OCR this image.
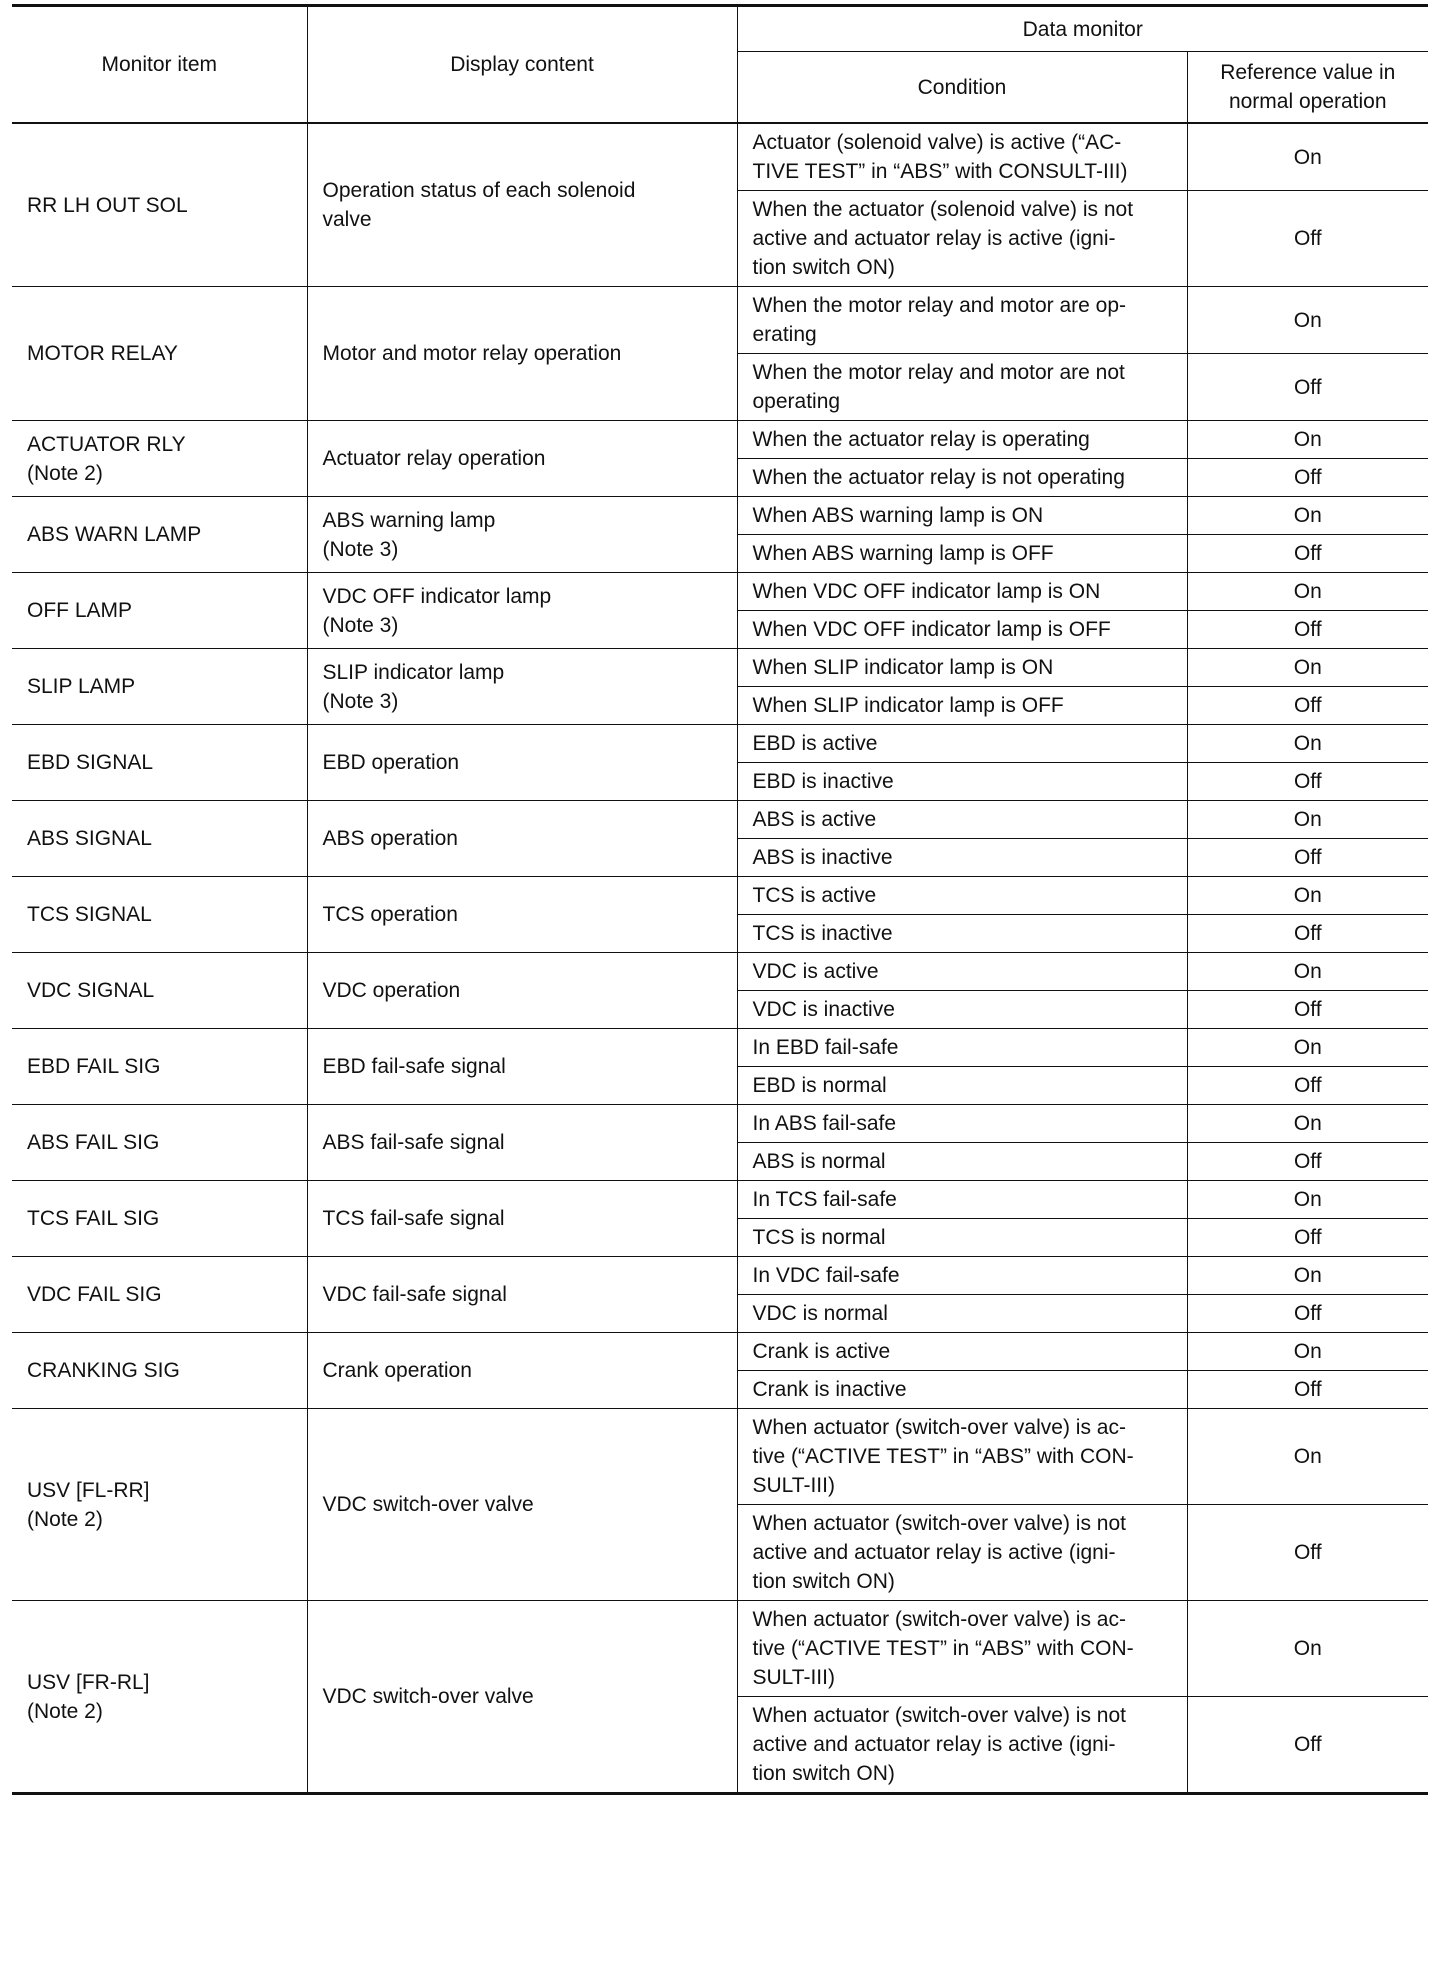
Monitor item	Display content	Data monitor	
		Condition	Reference value in
normal operation
RR LH OUT SOL	Operation status of each solenoid
valve	Actuator (solenoid valve) is active (“AC-
TIVE TEST” in “ABS” with CONSULT-III)	On
		When the actuator (solenoid valve) is not
active and actuator relay is active (igni-
tion switch ON)	Off
MOTOR RELAY	Motor and motor relay operation	When the motor relay and motor are op-
erating	On
		When the motor relay and motor are not
operating	Off
ACTUATOR RLY
(Note 2)	Actuator relay operation	When the actuator relay is operating	On
		When the actuator relay is not operating	Off
ABS WARN LAMP	ABS warning lamp
(Note 3)	When ABS warning lamp is ON	On
		When ABS warning lamp is OFF	Off
OFF LAMP	VDC OFF indicator lamp
(Note 3)	When VDC OFF indicator lamp is ON	On
		When VDC OFF indicator lamp is OFF	Off
SLIP LAMP	SLIP indicator lamp
(Note 3)	When SLIP indicator lamp is ON	On
		When SLIP indicator lamp is OFF	Off
EBD SIGNAL	EBD operation	EBD is active	On
		EBD is inactive	Off
ABS SIGNAL	ABS operation	ABS is active	On
		ABS is inactive	Off
TCS SIGNAL	TCS operation	TCS is active	On
		TCS is inactive	Off
VDC SIGNAL	VDC operation	VDC is active	On
		VDC is inactive	Off
EBD FAIL SIG	EBD fail-safe signal	In EBD fail-safe	On
		EBD is normal	Off
ABS FAIL SIG	ABS fail-safe signal	In ABS fail-safe	On
		ABS is normal	Off
TCS FAIL SIG	TCS fail-safe signal	In TCS fail-safe	On
		TCS is normal	Off
VDC FAIL SIG	VDC fail-safe signal	In VDC fail-safe	On
		VDC is normal	Off
CRANKING SIG	Crank operation	Crank is active	On
		Crank is inactive	Off
USV [FL-RR]
(Note 2)	VDC switch-over valve	When actuator (switch-over valve) is ac-
tive (“ACTIVE TEST” in “ABS” with CON-
SULT-III)	On
		When actuator (switch-over valve) is not
active and actuator relay is active (igni-
tion switch ON)	Off
USV [FR-RL]
(Note 2)	VDC switch-over valve	When actuator (switch-over valve) is ac-
tive (“ACTIVE TEST” in “ABS” with CON-
SULT-III)	On
		When actuator (switch-over valve) is not
active and actuator relay is active (igni-
tion switch ON)	Off
